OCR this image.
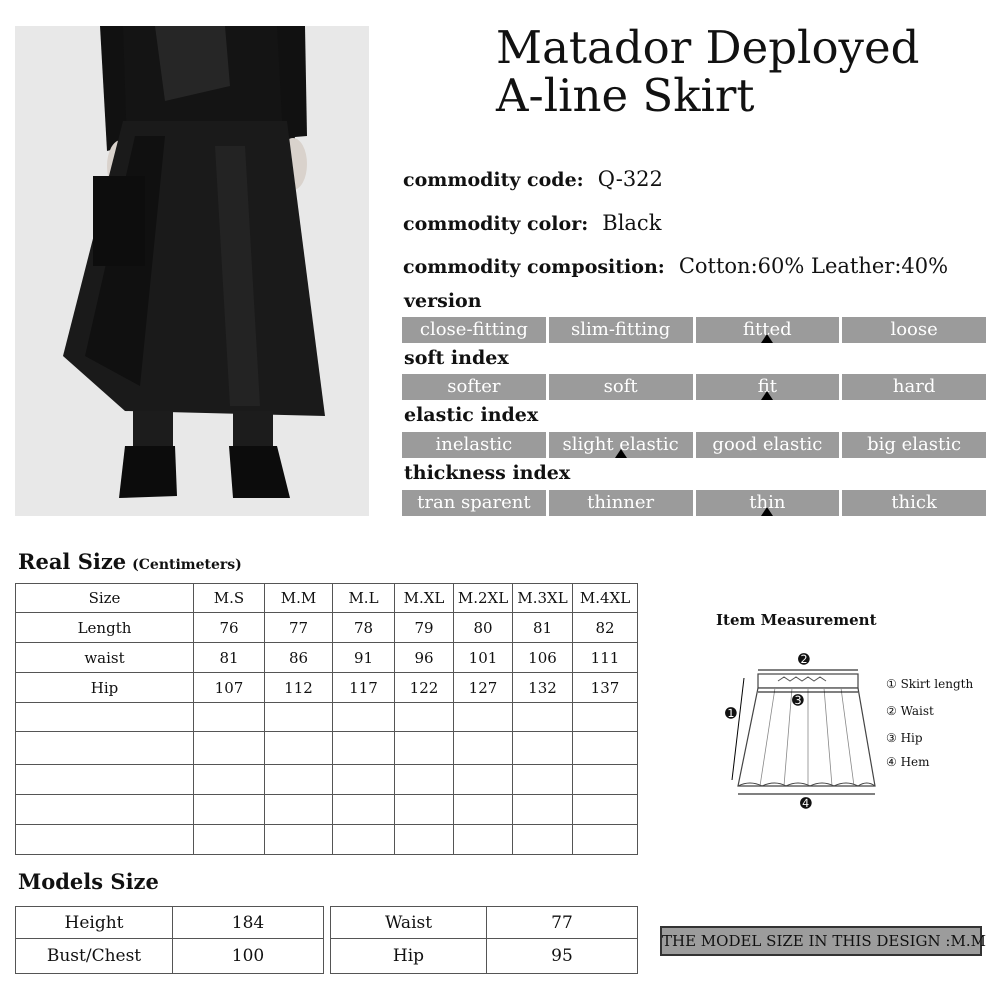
Matador Deployed
A-line Skirt
commodity code: Q-322
commodity color: Black
commodity composition: Cotton:60% Leather:40%
version
close-fitting	slim-fitting	fitted	loose
soft index
softer	soft	fit	hard
elastic index
inelastic	slight elastic	good elastic	big elastic
thickness index
tran sparent	thinner	thin	thick
Real Size (Centimeters)
Size	M.S	M.M	M.L	M.XL	M.2XL	M.3XL	M.4XL
Length	76	77	78	79	80	81	82
waist	81	86	91	96	101	106	111
Hip	107	112	117	122	127	132	137

Item Measurement
➋
➌
➊
➍
① Skirt length
② Waist
③ Hip
④ Hem
Models Size
Height	184
Bust/Chest	100
Waist	77
Hip	95
THE MODEL SIZE IN THIS DESIGN :M.M
